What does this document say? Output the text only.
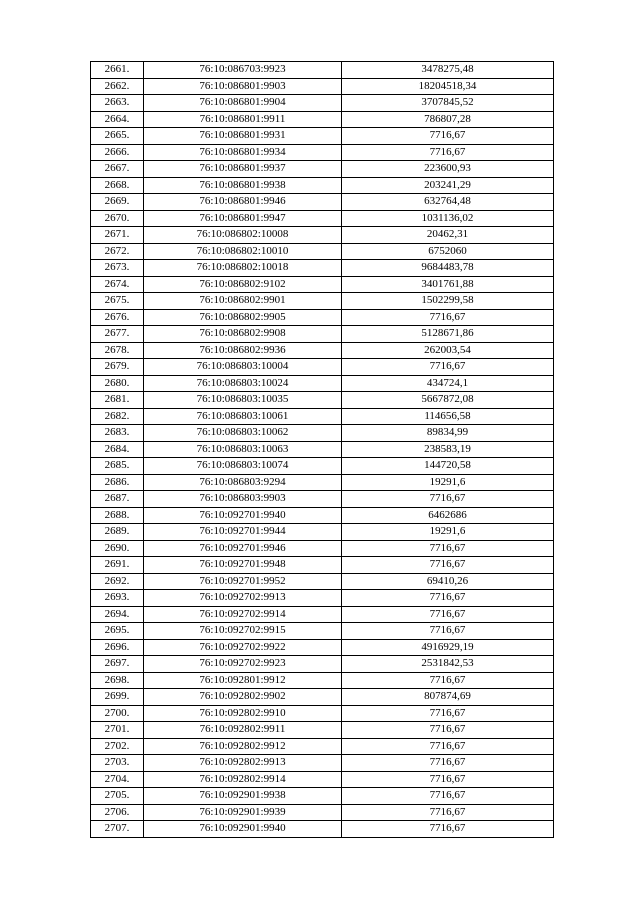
2661.	76:10:086703:9923	3478275,48
2662.	76:10:086801:9903	18204518,34
2663.	76:10:086801:9904	3707845,52
2664.	76:10:086801:9911	786807,28
2665.	76:10:086801:9931	7716,67
2666.	76:10:086801:9934	7716,67
2667.	76:10:086801:9937	223600,93
2668.	76:10:086801:9938	203241,29
2669.	76:10:086801:9946	632764,48
2670.	76:10:086801:9947	1031136,02
2671.	76:10:086802:10008	20462,31
2672.	76:10:086802:10010	6752060
2673.	76:10:086802:10018	9684483,78
2674.	76:10:086802:9102	3401761,88
2675.	76:10:086802:9901	1502299,58
2676.	76:10:086802:9905	7716,67
2677.	76:10:086802:9908	5128671,86
2678.	76:10:086802:9936	262003,54
2679.	76:10:086803:10004	7716,67
2680.	76:10:086803:10024	434724,1
2681.	76:10:086803:10035	5667872,08
2682.	76:10:086803:10061	114656,58
2683.	76:10:086803:10062	89834,99
2684.	76:10:086803:10063	238583,19
2685.	76:10:086803:10074	144720,58
2686.	76:10:086803:9294	19291,6
2687.	76:10:086803:9903	7716,67
2688.	76:10:092701:9940	6462686
2689.	76:10:092701:9944	19291,6
2690.	76:10:092701:9946	7716,67
2691.	76:10:092701:9948	7716,67
2692.	76:10:092701:9952	69410,26
2693.	76:10:092702:9913	7716,67
2694.	76:10:092702:9914	7716,67
2695.	76:10:092702:9915	7716,67
2696.	76:10:092702:9922	4916929,19
2697.	76:10:092702:9923	2531842,53
2698.	76:10:092801:9912	7716,67
2699.	76:10:092802:9902	807874,69
2700.	76:10:092802:9910	7716,67
2701.	76:10:092802:9911	7716,67
2702.	76:10:092802:9912	7716,67
2703.	76:10:092802:9913	7716,67
2704.	76:10:092802:9914	7716,67
2705.	76:10:092901:9938	7716,67
2706.	76:10:092901:9939	7716,67
2707.	76:10:092901:9940	7716,67
